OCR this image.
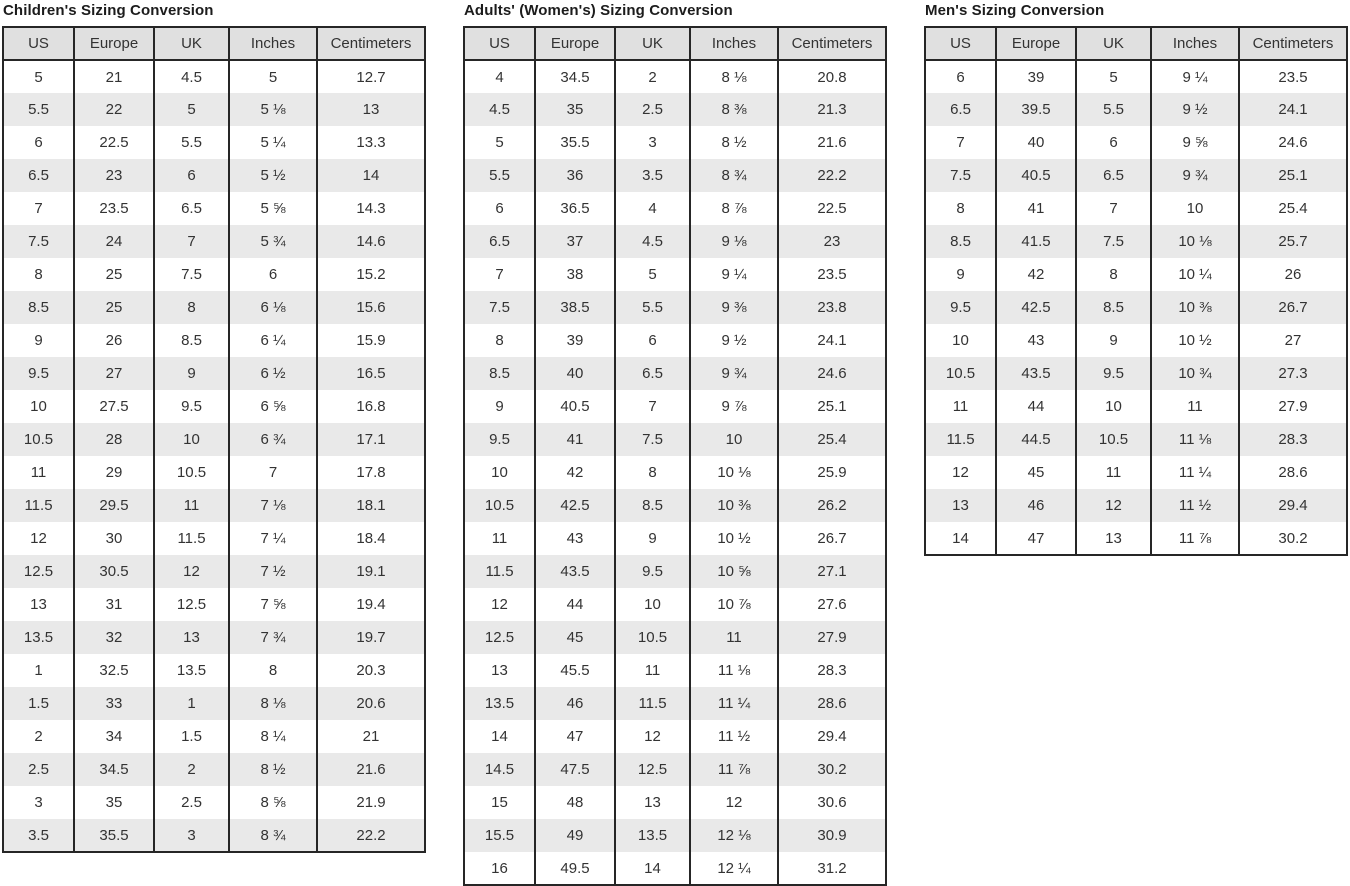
Children's Sizing Conversion
US	Europe	UK	Inches	Centimeters
5	21	4.5	5	12.7
5.5	22	5	5 ⅛	13
6	22.5	5.5	5 ¼	13.3
6.5	23	6	5 ½	14
7	23.5	6.5	5 ⅝	14.3
7.5	24	7	5 ¾	14.6
8	25	7.5	6	15.2
8.5	25	8	6 ⅛	15.6
9	26	8.5	6 ¼	15.9
9.5	27	9	6 ½	16.5
10	27.5	9.5	6 ⅝	16.8
10.5	28	10	6 ¾	17.1
11	29	10.5	7	17.8
11.5	29.5	11	7 ⅛	18.1
12	30	11.5	7 ¼	18.4
12.5	30.5	12	7 ½	19.1
13	31	12.5	7 ⅝	19.4
13.5	32	13	7 ¾	19.7
1	32.5	13.5	8	20.3
1.5	33	1	8 ⅛	20.6
2	34	1.5	8 ¼	21
2.5	34.5	2	8 ½	21.6
3	35	2.5	8 ⅝	21.9
3.5	35.5	3	8 ¾	22.2
Adults' (Women's) Sizing Conversion
US	Europe	UK	Inches	Centimeters
4	34.5	2	8 ⅛	20.8
4.5	35	2.5	8 ⅜	21.3
5	35.5	3	8 ½	21.6
5.5	36	3.5	8 ¾	22.2
6	36.5	4	8 ⅞	22.5
6.5	37	4.5	9 ⅛	23
7	38	5	9 ¼	23.5
7.5	38.5	5.5	9 ⅜	23.8
8	39	6	9 ½	24.1
8.5	40	6.5	9 ¾	24.6
9	40.5	7	9 ⅞	25.1
9.5	41	7.5	10	25.4
10	42	8	10 ⅛	25.9
10.5	42.5	8.5	10 ⅜	26.2
11	43	9	10 ½	26.7
11.5	43.5	9.5	10 ⅝	27.1
12	44	10	10 ⅞	27.6
12.5	45	10.5	11	27.9
13	45.5	11	11 ⅛	28.3
13.5	46	11.5	11 ¼	28.6
14	47	12	11 ½	29.4
14.5	47.5	12.5	11 ⅞	30.2
15	48	13	12	30.6
15.5	49	13.5	12 ⅛	30.9
16	49.5	14	12 ¼	31.2
Men's Sizing Conversion
US	Europe	UK	Inches	Centimeters
6	39	5	9 ¼	23.5
6.5	39.5	5.5	9 ½	24.1
7	40	6	9 ⅝	24.6
7.5	40.5	6.5	9 ¾	25.1
8	41	7	10	25.4
8.5	41.5	7.5	10 ⅛	25.7
9	42	8	10 ¼	26
9.5	42.5	8.5	10 ⅜	26.7
10	43	9	10 ½	27
10.5	43.5	9.5	10 ¾	27.3
11	44	10	11	27.9
11.5	44.5	10.5	11 ⅛	28.3
12	45	11	11 ¼	28.6
13	46	12	11 ½	29.4
14	47	13	11 ⅞	30.2
